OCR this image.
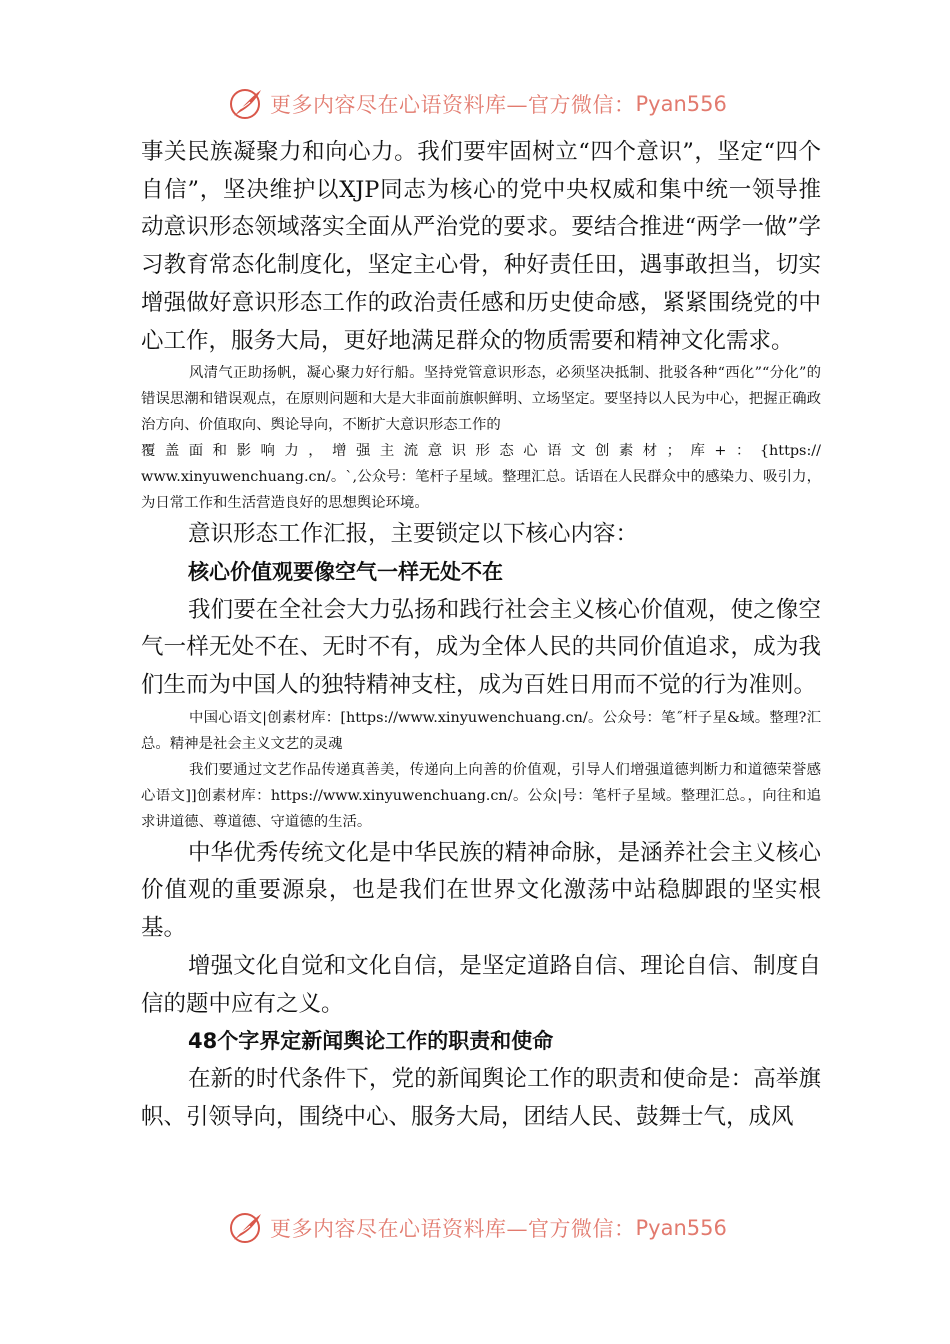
更多内容尽在心语资料库—官方微信： Pyan556

事关民族凝聚力和向心力。我们要牢固树立“四个意识”，坚定“四个自信”，坚决维护以XJP同志为核心的党中央权威和集中统一领导推动意识形态领域落实全面从严治党的要求。要结合推进“两学一做”学习教育常态化制度化，坚定主心骨，种好责任田，遇事敢担当，切实增强做好意识形态工作的政治责任感和历史使命感，紧紧围绕党的中心工作，服务大局，更好地满足群众的物质需要和精神文化需求。

风清气正助扬帆，凝心聚力好行船。坚持党管意识形态，必须坚决抵制、批驳各种“西化”“分化”的错误思潮和错误观点，在原则问题和大是大非面前旗帜鲜明、立场坚定。要坚持以人民为中心，把握正确政治方向、价值取向、舆论导向，不断扩大意识形态工作的

覆盖面和影响力，增强主流意识形态心语文创素材；库+：{https://

www.xinyuwenchuang.cn/。`,公众号：笔杆子星域。整理汇总。话语在人民群众中的感染力、吸引力，为日常工作和生活营造良好的思想舆论环境。

意识形态工作汇报，主要锁定以下核心内容：

核心价值观要像空气一样无处不在

我们要在全社会大力弘扬和践行社会主义核心价值观，使之像空气一样无处不在、无时不有，成为全体人民的共同价值追求，成为我们生而为中国人的独特精神支柱，成为百姓日用而不觉的行为准则。

中国心语文|创素材库：[https://www.xinyuwenchuang.cn/。公众号：笔˝杆子星&域。整理?汇总。精神是社会主义文艺的灵魂

我们要通过文艺作品传递真善美，传递向上向善的价值观，引导人们增强道德判断力和道德荣誉感心语文]]创素材库：https://www.xinyuwenchuang.cn/。公众|号：笔杆子星域。整理汇总。，向往和追求讲道德、尊道德、守道德的生活。

中华优秀传统文化是中华民族的精神命脉，是涵养社会主义核心价值观的重要源泉，也是我们在世界文化激荡中站稳脚跟的坚实根基。

增强文化自觉和文化自信，是坚定道路自信、理论自信、制度自信的题中应有之义。

48个字界定新闻舆论工作的职责和使命

在新的时代条件下，党的新闻舆论工作的职责和使命是：高举旗帜、引领导向，围绕中心、服务大局，团结人民、鼓舞士气，成风

更多内容尽在心语资料库—官方微信： Pyan556
